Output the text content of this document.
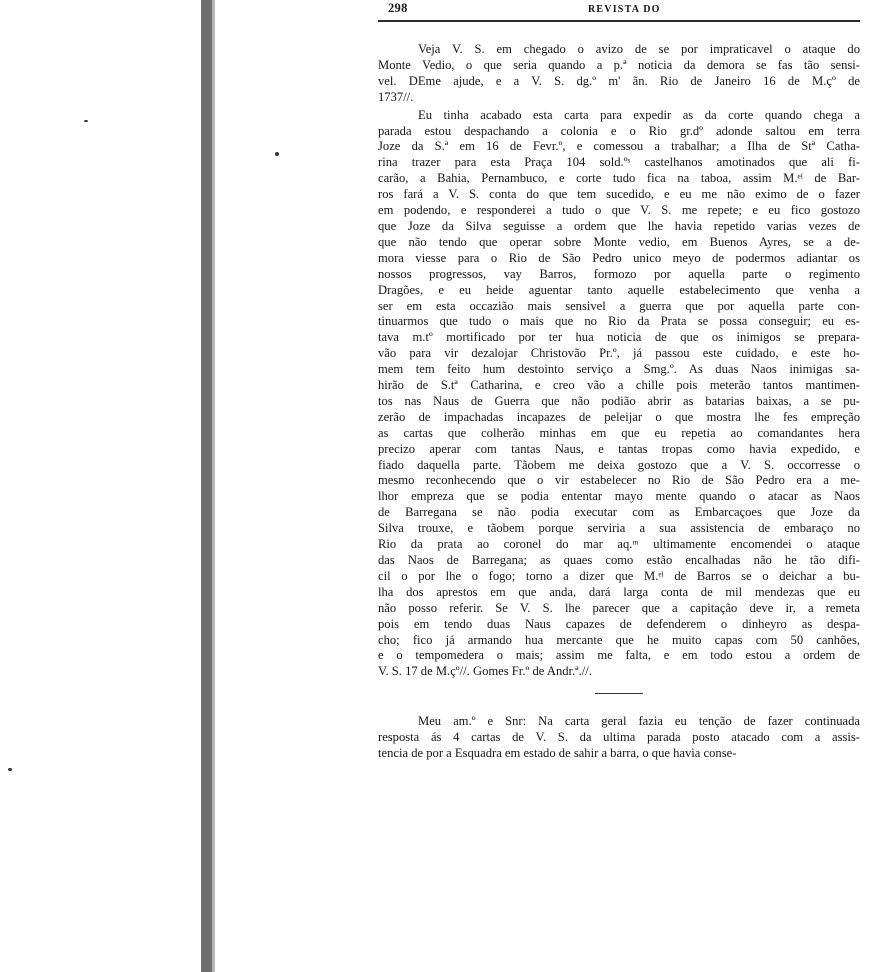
298	REVISTA DO

Veja V. S. em chegado o avizo de se por impraticavel o ataque do
Monte Vedio, o que seria quando a p.ª noticia da demora se fas tão sensi-
vel. DEme ajude, e a V. S. dg.º m' ãn. Rio de Janeiro 16 de M.çº de
1737//.

Eu tinha acabado esta carta para expedir as da corte quando chega a
parada estou despachando a colonia e o Rio gr.dº adonde saltou em terra
Joze da S.ª em 16 de Fevr.º, e comessou a trabalhar; a Ilha de Stª Catha-
rina trazer para esta Praça 104 sold.ºˢ castelhanos amotinados que ali fi-
carão, a Bahia, Pernambuco, e corte tudo fica na taboa, assim M.ᵉˡ de Bar-
ros fará a V. S. conta do que tem sucedido, e eu me não eximo de o fazer
em podendo, e responderei a tudo o que V. S. me repete; e eu fico gostozo
que Joze da Silva seguisse a ordem que lhe havia repetido varias vezes de
que não tendo que operar sobre Monte vedio, em Buenos Ayres, se a de-
mora viesse para o Rio de São Pedro unico meyo de podermos adiantar os
nossos progressos, vay Barros, formozo por aquella parte o regimento
Dragões, e eu heide aguentar tanto aquelle estabelecimento que venha a
ser em esta occazião mais sensivel a guerra que por aquella parte con-
tinuarmos que tudo o mais que no Rio da Prata se possa conseguir; eu es-
tava m.tº mortificado por ter hua noticia de que os inimigos se prepara-
vão para vir dezalojar Christovão Pr.º, já passou este cuidado, e este ho-
mem tem feito hum destointo serviço a Smg.º. As duas Naos inimigas sa-
hirão de S.tª Catharina, e creo vão a chille pois meterão tantos mantimen-
tos nas Naus de Guerra que não podião abrir as batarias baixas, a se pu-
zerão de impachadas incapazes de peleijar o que mostra lhe fes empreção
as cartas que colherão minhas em que eu repetia ao comandantes hera
precizo aperar com tantas Naus, e tantas tropas como havia expedido, e
fiado daquella parte. Tãobem me deixa gostozo que a V. S. occorresse o
mesmo reconhecendo que o vir estabelecer no Rio de São Pedro era a me-
lhor empreza que se podia ententar mayo mente quando o atacar as Naos
de Barregana se não podia executar com as Embarcaçoes que Joze da
Silva trouxe, e tãobem porque serviria a sua assistencia de embaraço no
Rio da prata ao coronel do mar aq.ᵐ ultimamente encomendei o ataque
das Naos de Barregana; as quaes como estão encalhadas não he tão difi-
cil o por lhe o fogo; torno a dizer que M.ᵉˡ de Barros se o deichar a bu-
lha dos aprestos em que anda, dará larga conta de mil mendezas que eu
não posso referir. Se V. S. lhe parecer que a capitação deve ir, a remeta
pois em tendo duas Naus capazes de defenderem o dinheyro as despa-
cho; fico já armando hua mercante que he muito capas com 50 canhões,
e o tempomedera o mais; assim me falta, e em todo estou a ordem de
V. S. 17 de M.çº//. Gomes Fr.º de Andr.ª.//.

Meu am.º e Snr: Na carta geral fazia eu tenção de fazer continuada
resposta ás 4 cartas de V. S. da ultima parada posto atacado com a assis-
tencia de por a Esquadra em estado de sahir a barra, o que havia conse-
